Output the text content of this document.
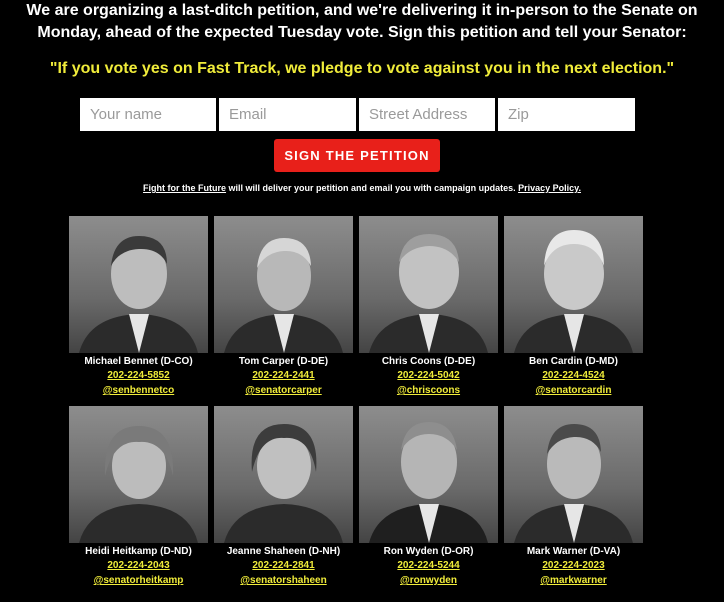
We are organizing a last-ditch petition, and we're delivering it in-person to the Senate on

Monday, ahead of the expected Tuesday vote. Sign this petition and tell your Senator:

"If you vote yes on Fast Track, we pledge to vote against you in the next election."
Your name
Email
Street Address
Zip
SIGN THE PETITION
Fight for the Future will will deliver your petition and email you with campaign updates. Privacy Policy.
Michael Bennet (D-CO)
202-224-5852
@senbennetco
Tom Carper (D-DE)
202-224-2441
@senatorcarper
Chris Coons (D-DE)
202-224-5042
@chriscoons
Ben Cardin (D-MD)
202-224-4524
@senatorcardin
Heidi Heitkamp (D-ND)
202-224-2043
@senatorheitkamp
Jeanne Shaheen (D-NH)
202-224-2841
@senatorshaheen
Ron Wyden (D-OR)
202-224-5244
@ronwyden
Mark Warner (D-VA)
202-224-2023
@markwarner
